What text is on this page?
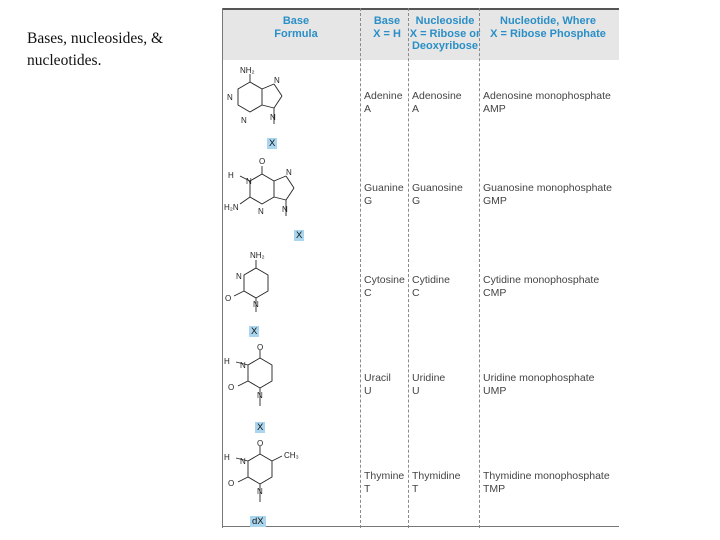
Bases, nucleosides, & nucleotides.
Base
Formula
Base
X = H
Nucleoside
X = Ribose or
Deoxyribose
Nucleotide, Where
X = Ribose Phosphate
NH₂
N
N
N
N
X
Adenine
A
Adenosine
A
Adenosine monophosphate
AMP
O
H
N
H₂N N
N
N
X
Guanine
G
Guanosine
G
Guanosine monophosphate
GMP
NH₂
N
O
N
X
Cytosine
C
Cytidine
C
Cytidine monophosphate
CMP
O
H N
O
N
X
Uracil
U
Uridine
U
Uridine monophosphate
UMP
O
CH₃
H N
O
N
dX
Thymine
T
Thymidine
T
Thymidine monophosphate
TMP
